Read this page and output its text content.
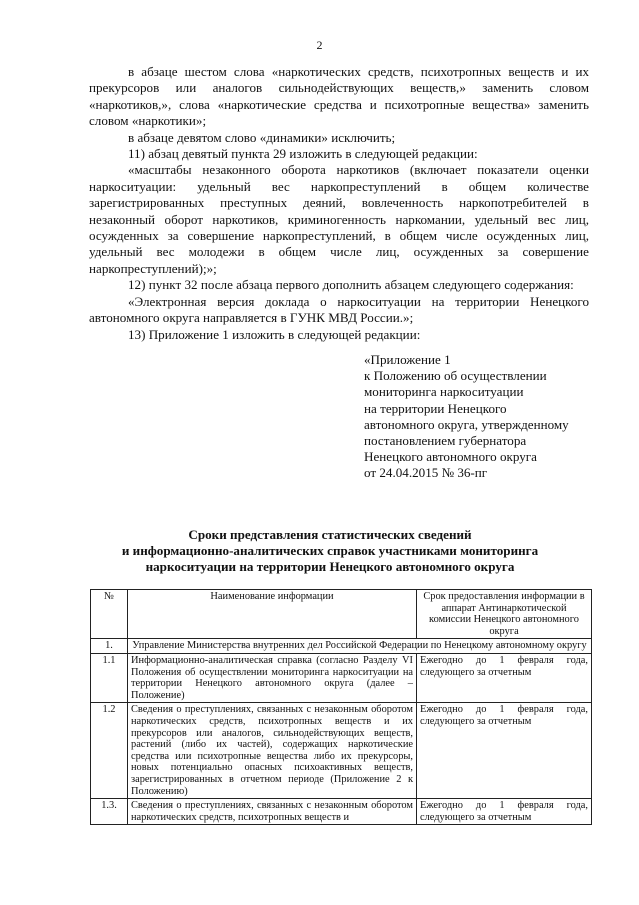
2

в абзаце шестом слова «наркотических средств, психотропных веществ и их прекурсоров или аналогов сильнодействующих веществ,» заменить словом «наркотиков,», слова «наркотические средства и психотропные вещества» заменить словом «наркотики»;

в абзаце девятом слово «динамики» исключить;

11) абзац девятый пункта 29 изложить в следующей редакции:

«масштабы незаконного оборота наркотиков (включает показатели оценки наркоситуации: удельный вес наркопреступлений в общем количестве зарегистрированных преступных деяний, вовлеченность наркопотребителей в незаконный оборот наркотиков, криминогенность наркомании, удельный вес лиц, осужденных за совершение наркопреступлений, в общем числе осужденных лиц, удельный вес молодежи в общем числе лиц, осужденных за совершение наркопреступлений);»;

12) пункт 32 после абзаца первого дополнить абзацем следующего содержания:

«Электронная версия доклада о наркоситуации на территории Ненецкого автономного округа направляется в ГУНК МВД России.»;

13) Приложение 1 изложить в следующей редакции:

«Приложение 1
к Положению об осуществлении
мониторинга наркоситуации
на территории Ненецкого
автономного округа, утвержденному
постановлением губернатора
Ненецкого автономного округа
от 24.04.2015 № 36-пг
Сроки представления статистических сведений
и информационно-аналитических справок участниками мониторинга
наркоситуации на территории Ненецкого автономного округа
№	Наименование информации	Срок предоставления информации в аппарат Антинаркотической комиссии Ненецкого автономного округа
1.	Управление Министерства внутренних дел Российской Федерации по Ненецкому автономному округу	
1.1	Информационно-аналитическая справка (согласно Разделу VI Положения об осуществлении мониторинга наркоситуации на территории Ненецкого автономного округа (далее – Положение)	Ежегодно до 1 февраля года, следующего за отчетным
1.2	Сведения о преступлениях, связанных с незаконным оборотом наркотических средств, психотропных веществ и их прекурсоров или аналогов, сильнодействующих веществ, растений (либо их частей), содержащих наркотические средства или психотропные вещества либо их прекурсоры, новых потенциально опасных психоактивных веществ, зарегистрированных в отчетном периоде (Приложение 2 к Положению)	Ежегодно до 1 февраля года, следующего за отчетным
1.3.	Сведения о преступлениях, связанных с незаконным оборотом наркотических средств, психотропных веществ и	Ежегодно до 1 февраля года, следующего за отчетным
